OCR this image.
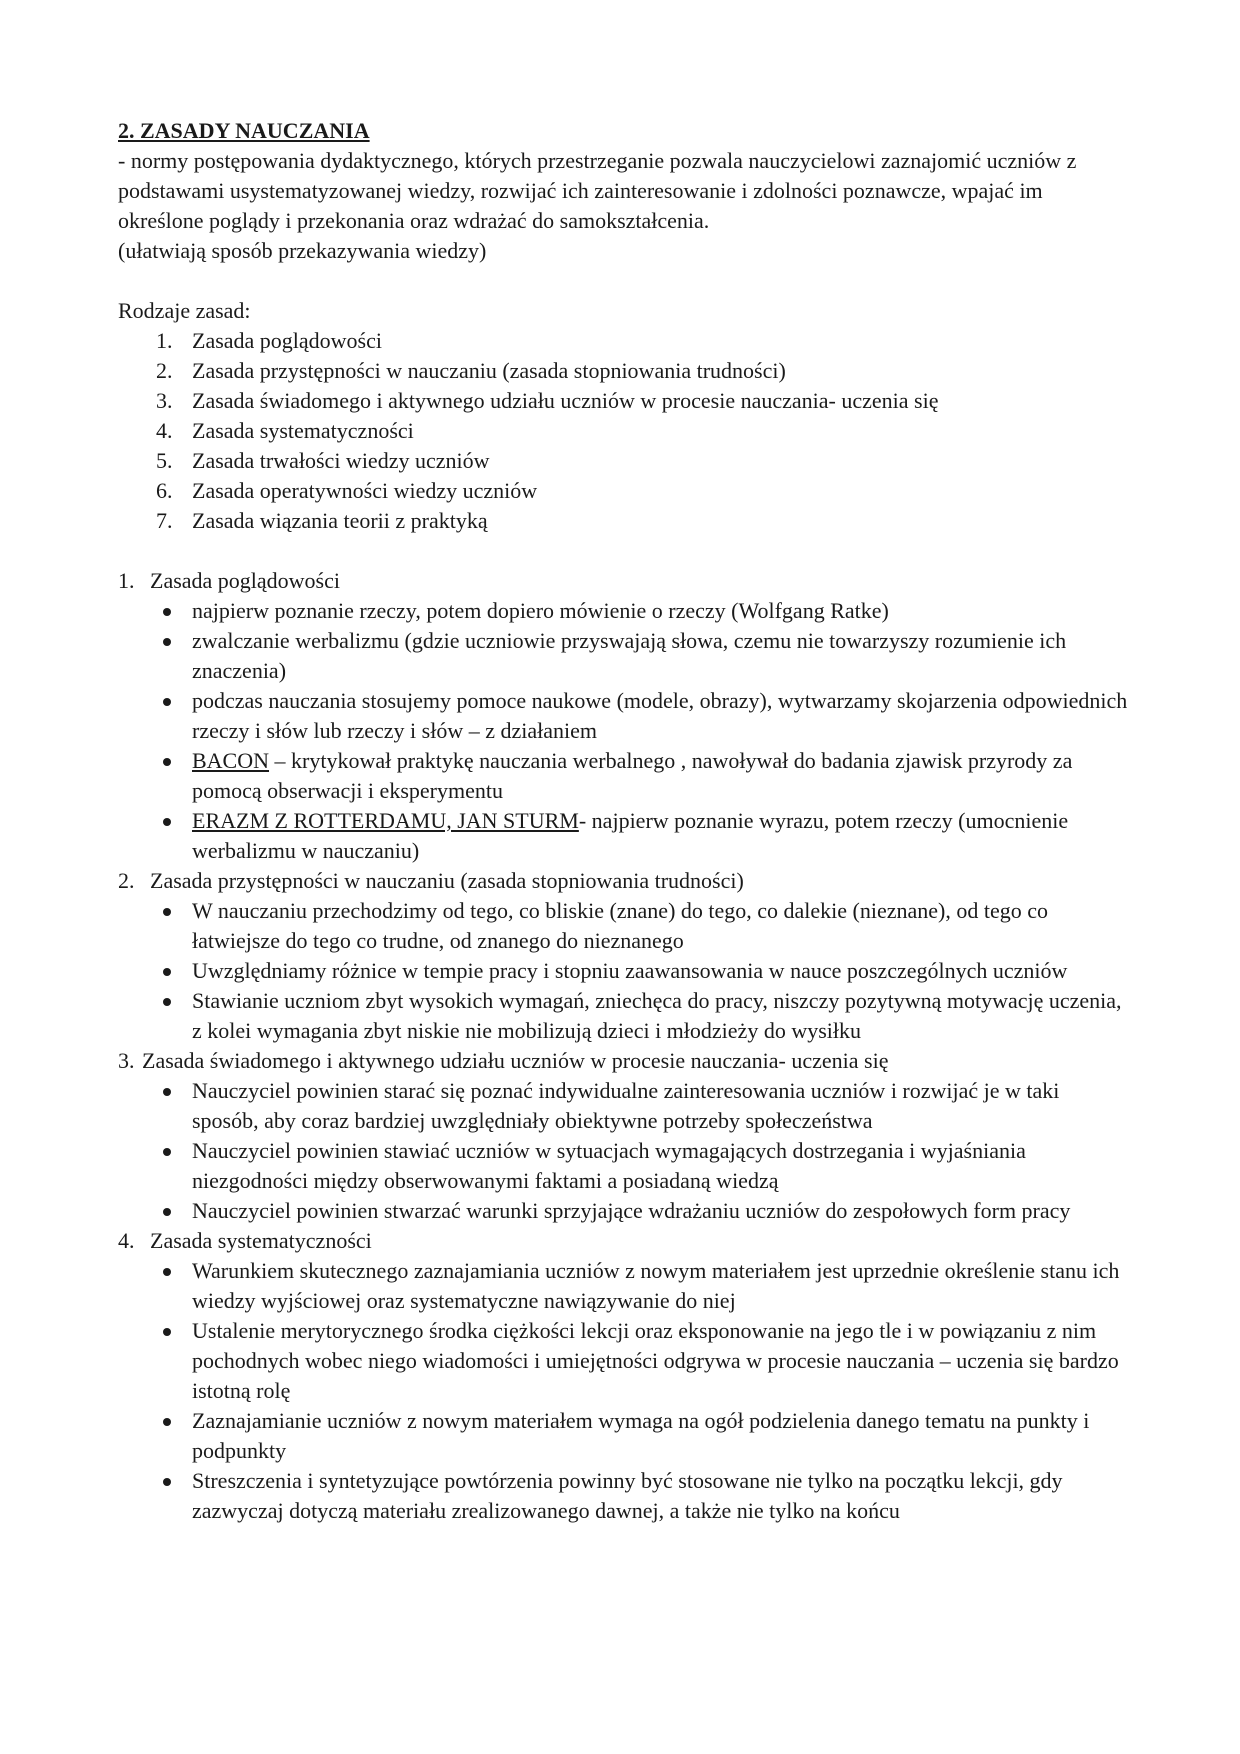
2. ZASADY NAUCZANIA

- normy postępowania dydaktycznego, których przestrzeganie pozwala nauczycielowi zaznajomić uczniów z podstawami usystematyzowanej wiedzy, rozwijać ich zainteresowanie i zdolności poznawcze, wpajać im określone poglądy i przekonania oraz wdrażać do samokształcenia.

(ułatwiają sposób przekazywania wiedzy)

Rodzaje zasad:

1. Zasada poglądowości
2. Zasada przystępności w nauczaniu (zasada stopniowania trudności)
3. Zasada świadomego i aktywnego udziału uczniów w procesie nauczania- uczenia się
4. Zasada systematyczności
5. Zasada trwałości wiedzy uczniów
6. Zasada operatywności wiedzy uczniów
7. Zasada wiązania teorii z praktyką
1. Zasada poglądowości
najpierw poznanie rzeczy, potem dopiero mówienie o rzeczy (Wolfgang Ratke)
zwalczanie werbalizmu (gdzie uczniowie przyswajają słowa, czemu nie towarzyszy rozumienie ich znaczenia)
podczas nauczania stosujemy pomoce naukowe (modele, obrazy), wytwarzamy skojarzenia odpowiednich rzeczy i słów lub rzeczy i słów – z działaniem
BACON – krytykował praktykę nauczania werbalnego , nawoływał do badania zjawisk przyrody za pomocą obserwacji i eksperymentu
ERAZM Z ROTTERDAMU, JAN STURM- najpierw poznanie wyrazu, potem rzeczy (umocnienie werbalizmu w nauczaniu)
2. Zasada przystępności w nauczaniu (zasada stopniowania trudności)
W nauczaniu przechodzimy od tego, co bliskie (znane) do tego, co dalekie (nieznane), od tego co łatwiejsze do tego co trudne, od znanego do nieznanego
Uwzględniamy różnice w tempie pracy i stopniu zaawansowania w nauce poszczególnych uczniów
Stawianie uczniom zbyt wysokich wymagań, zniechęca do pracy, niszczy pozytywną motywację uczenia, z kolei wymagania zbyt niskie nie mobilizują dzieci i młodzieży do wysiłku
3. Zasada świadomego i aktywnego udziału uczniów w procesie nauczania- uczenia się
Nauczyciel powinien starać się poznać indywidualne zainteresowania uczniów i rozwijać je w taki sposób, aby coraz bardziej uwzględniały obiektywne potrzeby społeczeństwa
Nauczyciel powinien stawiać uczniów w sytuacjach wymagających dostrzegania i wyjaśniania niezgodności między obserwowanymi faktami a posiadaną wiedzą
Nauczyciel powinien stwarzać warunki sprzyjające wdrażaniu uczniów do zespołowych form pracy
4. Zasada systematyczności
Warunkiem skutecznego zaznajamiania uczniów z nowym materiałem jest uprzednie określenie stanu ich wiedzy wyjściowej oraz systematyczne nawiązywanie do niej
Ustalenie merytorycznego środka ciężkości lekcji oraz eksponowanie na jego tle i w powiązaniu z nim pochodnych wobec niego wiadomości i umiejętności odgrywa w procesie nauczania – uczenia się bardzo istotną rolę
Zaznajamianie uczniów z nowym materiałem wymaga na ogół podzielenia danego tematu na punkty i podpunkty
Streszczenia i syntetyzujące powtórzenia powinny być stosowane nie tylko na początku lekcji, gdy zazwyczaj dotyczą materiału zrealizowanego dawnej, a także nie tylko na końcu
